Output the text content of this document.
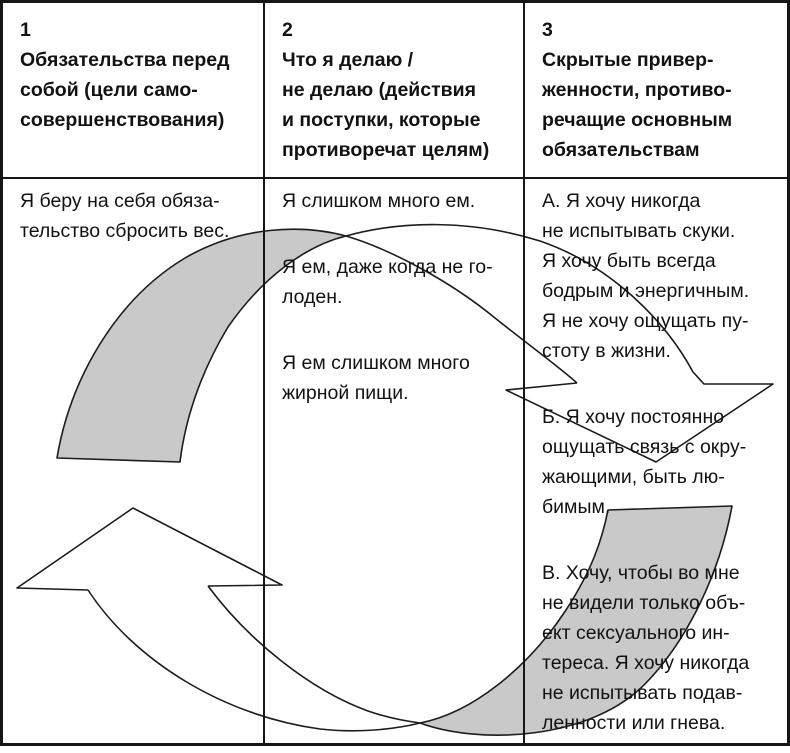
1
Обязательства перед
собой (цели само-
совершенствования)
2
Что я делаю /
не делаю (действия
и поступки, которые
противоречат целям)
3
Скрытые привер-
женности, противо-
речащие основным
обязательствам
Я беру на себя обяза-
тельство сбросить вес.
Я слишком много ем.
Я ем, даже когда не го-
лоден.
Я ем слишком много
жирной пищи.
А. Я хочу никогда
не испытывать скуки.
Я хочу быть всегда
бодрым и энергичным.
Я не хочу ощущать пу-
стоту в жизни.
Б. Я хочу постоянно
ощущать связь с окру-
жающими, быть лю-
бимым.
В. Хочу, чтобы во мне
не видели только объ-
ект сексуального ин-
тереса. Я хочу никогда
не испытывать подав-
ленности или гнева.
